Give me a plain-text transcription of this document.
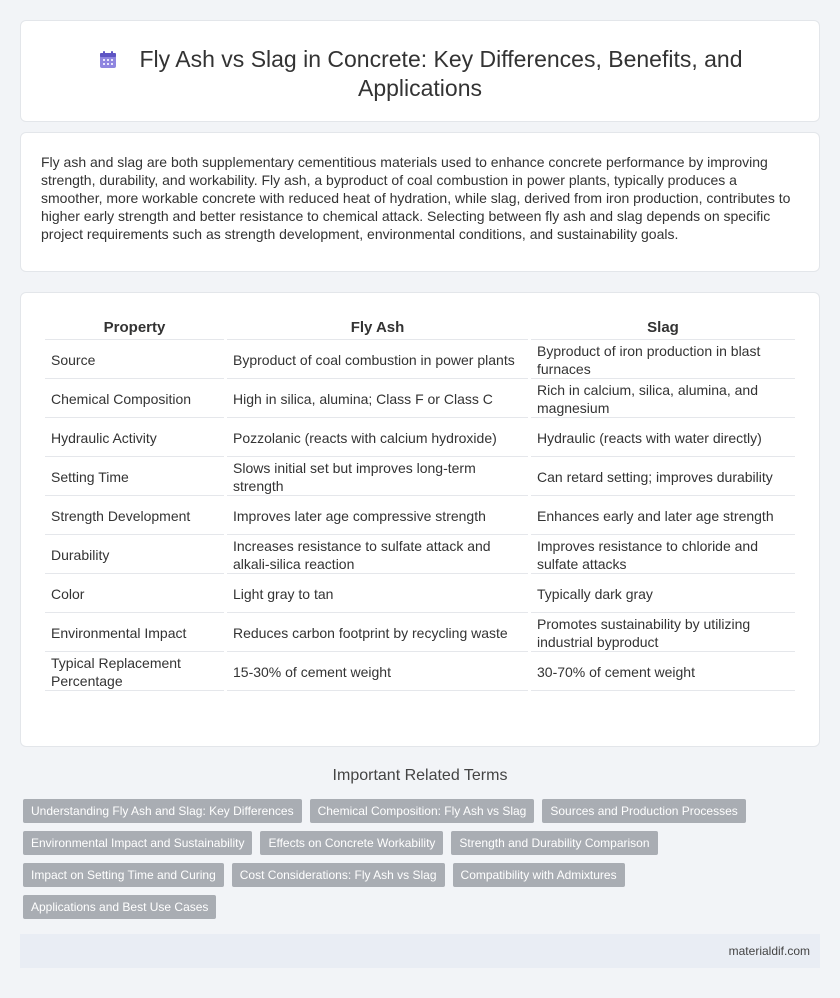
Fly Ash vs Slag in Concrete: Key Differences, Benefits, and Applications

Fly ash and slag are both supplementary cementitious materials used to enhance concrete performance by improving strength, durability, and workability. Fly ash, a byproduct of coal combustion in power plants, typically produces a smoother, more workable concrete with reduced heat of hydration, while slag, derived from iron production, contributes to higher early strength and better resistance to chemical attack. Selecting between fly ash and slag depends on specific project requirements such as strength development, environmental conditions, and sustainability goals.

Property	Fly Ash	Slag
Source	Byproduct of coal combustion in power plants	Byproduct of iron production in blast furnaces
Chemical Composition	High in silica, alumina; Class F or Class C	Rich in calcium, silica, alumina, and magnesium
Hydraulic Activity	Pozzolanic (reacts with calcium hydroxide)	Hydraulic (reacts with water directly)
Setting Time	Slows initial set but improves long-term strength	Can retard setting; improves durability
Strength Development	Improves later age compressive strength	Enhances early and later age strength
Durability	Increases resistance to sulfate attack and alkali-silica reaction	Improves resistance to chloride and sulfate attacks
Color	Light gray to tan	Typically dark gray
Environmental Impact	Reduces carbon footprint by recycling waste	Promotes sustainability by utilizing industrial byproduct
Typical Replacement Percentage	15-30% of cement weight	30-70% of cement weight
Important Related Terms
Understanding Fly Ash and Slag: Key Differences Chemical Composition: Fly Ash vs Slag Sources and Production Processes
Environmental Impact and Sustainability Effects on Concrete Workability Strength and Durability Comparison
Impact on Setting Time and Curing Cost Considerations: Fly Ash vs Slag Compatibility with Admixtures
Applications and Best Use Cases
materialdif.com
